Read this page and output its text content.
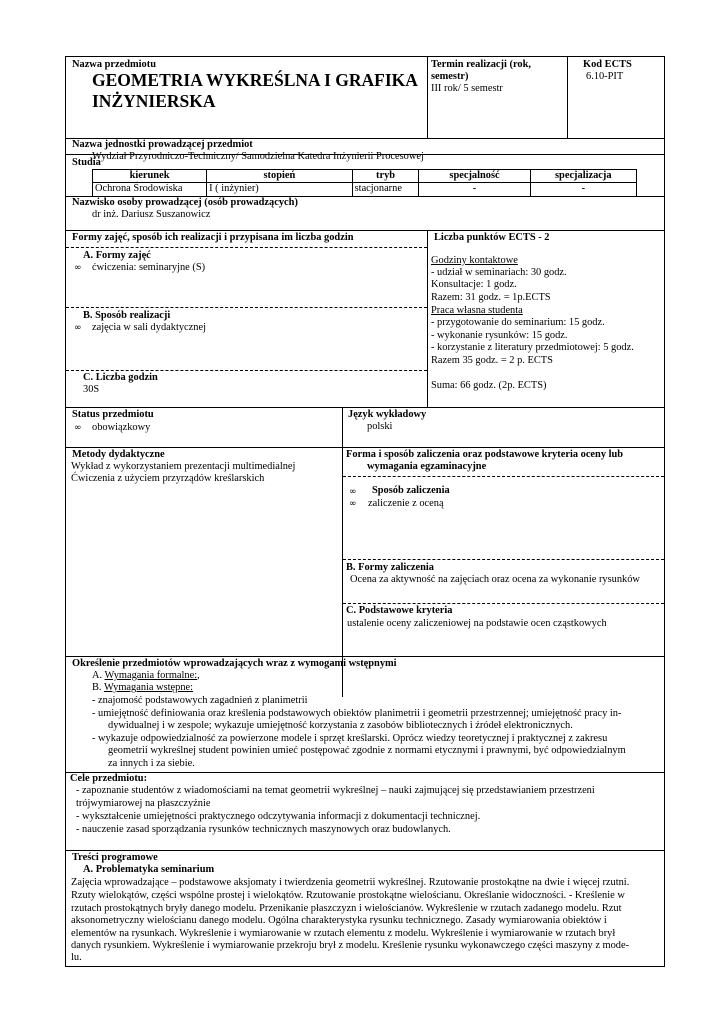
Nazwa przedmiotu
GEOMETRIA WYKREŚLNA I GRAFIKA
INŻYNIERSKA
Termin realizacji (rok,
semestr)
III rok/ 5 semestr
Kod ECTS
6.10-PIT
Nazwa jednostki prowadzącej przedmiot
Wydział Przyrodniczo-Techniczny/ Samodzielna Katedra Inżynierii Procesowej
Studia
kierunek	stopień	tryb	specjalność	specjalizacja
Ochrona Środowiska	I ( inżynier)	stacjonarne	-	-
Nazwisko osoby prowadzącej (osób prowadzących)
dr inż. Dariusz Suszanowicz
Formy zajęć, sposób ich realizacji i przypisana im liczba godzin
A. Formy zajęć
∞ ćwiczenia: seminaryjne (S)
B. Sposób realizacji
∞ zajęcia w sali dydaktycznej
C. Liczba godzin
30S
Liczba punktów ECTS - 2
Godziny kontaktowe
- udział w seminariach: 30 godz.
Konsultacje: 1 godz.
Razem: 31 godz. = 1p.ECTS
Praca własna studenta
- przygotowanie do seminarium: 15 godz.
- wykonanie rysunków: 15 godz.
- korzystanie z literatury przedmiotowej: 5 godz.
Razem 35 godz. = 2 p. ECTS
Suma: 66 godz. (2p. ECTS)
Status przedmiotu
∞ obowiązkowy
Język wykładowy
polski
Metody dydaktyczne
Wykład z wykorzystaniem prezentacji multimedialnej
Ćwiczenia z użyciem przyrządów kreślarskich
Forma i sposób zaliczenia oraz podstawowe kryteria oceny lub
wymagania egzaminacyjne
∞ Sposób zaliczenia
∞ zaliczenie z oceną
B. Formy zaliczenia
Ocena za aktywność na zajęciach oraz ocena za wykonanie rysunków
C. Podstawowe kryteria
ustalenie oceny zaliczeniowej na podstawie ocen cząstkowych
Określenie przedmiotów wprowadzających wraz z wymogami wstępnymi
A. Wymagania formalne:,
B. Wymagania wstępne:
- znajomość podstawowych zagadnień z planimetrii
- umiejętność definiowania oraz kreślenia podstawowych obiektów planimetrii i geometrii przestrzennej; umiejętność pracy in-
dywidualnej i w zespole; wykazuje umiejętność korzystania z zasobów bibliotecznych i źródeł elektronicznych.
- wykazuje odpowiedzialność za powierzone modele i sprzęt kreślarski. Oprócz wiedzy teoretycznej i praktycznej z zakresu
geometrii wykreślnej student powinien umieć postępować zgodnie z normami etycznymi i prawnymi, być odpowiedzialnym
za innych i za siebie.
Cele przedmiotu:
- zapoznanie studentów z wiadomościami na temat geometrii wykreślnej – nauki zajmującej się przedstawianiem przestrzeni
trójwymiarowej na płaszczyźnie
- wykształcenie umiejętności praktycznego odczytywania informacji z dokumentacji technicznej.
- nauczenie zasad sporządzania rysunków technicznych maszynowych oraz budowlanych.
Treści programowe
A. Problematyka seminarium
Zajęcia wprowadzające – podstawowe aksjomaty i twierdzenia geometrii wykreślnej. Rzutowanie prostokątne na dwie i więcej rzutni.
Rzuty wielokątów, części wspólne prostej i wielokątów. Rzutowanie prostokątne wielościanu. Określanie widoczności. - Kreślenie w
rzutach prostokątnych bryły danego modelu. Przenikanie płaszczyzn i wielościanów. Wykreślenie w rzutach zadanego modelu. Rzut
aksonometryczny wielościanu danego modelu. Ogólna charakterystyka rysunku technicznego. Zasady wymiarowania obiektów i
elementów na rysunkach. Wykreślenie i wymiarowanie w rzutach elementu z modelu. Wykreślenie i wymiarowanie w rzutach brył
danych rysunkiem. Wykreślenie i wymiarowanie przekroju brył z modelu. Kreślenie rysunku wykonawczego części maszyny z mode-
lu.
